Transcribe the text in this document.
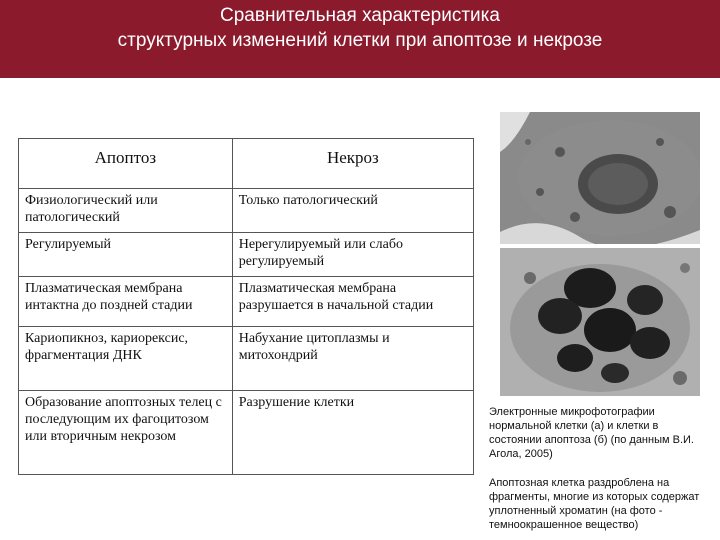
Сравнительная характеристика
структурных изменений клетки при апоптозе и некрозе
Апоптоз	Некроз
Физиологический или патологический	Только патологический
Регулируемый	Нерегулируемый или слабо регулируемый
Плазматическая мембрана интактна до поздней стадии	Плазматическая мембрана разрушается в начальной стадии
Кариопикноз, кариорексис, фрагментация ДНК	Набухание цитоплазмы и митохондрий
Образование апоптозных телец с последующим их фагоцитозом или вторичным некрозом	Разрушение клетки
Электронные микрофотографии нормальной клетки (а) и клетки в состоянии апоптоза (б) (по данным В.И. Агола, 2005)
Апоптозная клетка раздроблена на фрагменты, многие из которых содержат уплотненный хроматин (на фото - темноокрашенное вещество)
